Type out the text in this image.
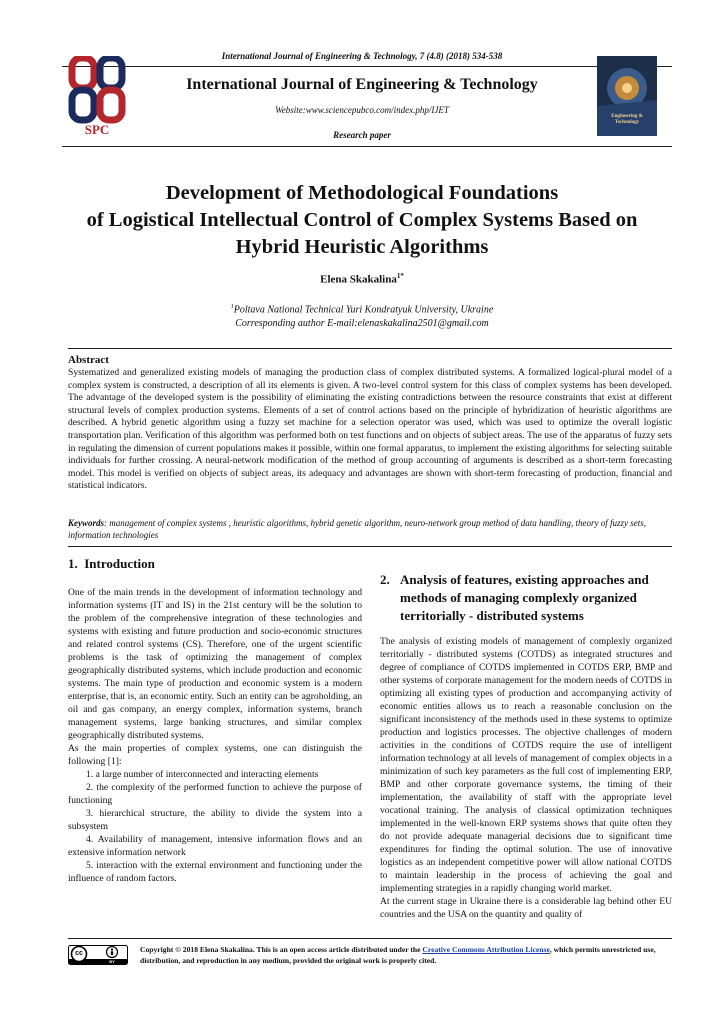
International Journal of Engineering & Technology, 7 (4.8) (2018) 534-538
SPC
International Journal of Engineering & Technology
Website:www.sciencepubco.com/index.php/IJET
Research paper
Engineering & Technology
Development of Methodological Foundations
of Logistical Intellectual Control of Complex Systems Based on
Hybrid Heuristic Algorithms
Elena Skakalina$^{1*}$
$^1$Poltava National Technical Yuri Kondratyuk University, Ukraine
Corresponding author E-mail:elenaskakalina2501@gmail.com
Abstract
Systematized and generalized existing models of managing the production class of complex distributed systems. A formalized logical-plural model of a complex system is constructed, a description of all its elements is given. A two-level control system for this class of complex systems has been developed. The advantage of the developed system is the possibility of eliminating the existing contradictions between the resource constraints that exist at different structural levels of complex production systems. Elements of a set of control actions based on the principle of hybridization of heuristic algorithms are described. A hybrid genetic algorithm using a fuzzy set machine for a selection operator was used, which was used to optimize the overall logistic transportation plan. Verification of this algorithm was performed both on test functions and on objects of subject areas. The use of the apparatus of fuzzy sets in regulating the dimension of current populations makes it possible, within one formal apparatus, to implement the existing algorithms for selecting suitable individuals for further crossing. A neural-network modification of the method of group accounting of arguments is described as a short-term forecasting model. This model is verified on objects of subject areas, its adequacy and advantages are shown with short-term forecasting of production, financial and statistical indicators.
Keywords: management of complex systems , heuristic algorithms, hybrid genetic algorithm, neuro-network group method of data handling, theory of fuzzy sets, information technologies
1. Introduction

One of the main trends in the development of information technology and information systems (IT and IS) in the 21st century will be the solution to the problem of the comprehensive integration of these technologies and systems with existing and future production and socio-economic structures and related control systems (CS). Therefore, one of the urgent scientific problems is the task of optimizing the management of complex geographically distributed systems, which include production and economic systems. The main type of production and economic system is a modern enterprise, that is, an economic entity. Such an entity can be agroholding, an oil and gas company, an energy complex, information systems, branch management systems, large banking structures, and similar complex geographically distributed systems.

As the main properties of complex systems, one can distinguish the following [1]:

1. a large number of interconnected and interacting elements

2. the complexity of the performed function to achieve the purpose of functioning

3. hierarchical structure, the ability to divide the system into a subsystem

4. Availability of management, intensive information flows and an extensive information network

5. interaction with the external environment and functioning under the influence of random factors.

2. Analysis of features, existing approaches and methods of managing complexly organized territorially - distributed systems

The analysis of existing models of management of complexly organized territorially - distributed systems (COTDS) as integrated structures and degree of compliance of COTDS implemented in COTDS ERP, BMP and other systems of corporate management for the modern needs of COTDS in optimizing all existing types of production and accompanying activity of economic entities allows us to reach a reasonable conclusion on the significant inconsistency of the methods used in these systems to optimize production and logistics processes. The objective challenges of modern activities in the conditions of COTDS require the use of intelligent information technology at all levels of management of complex objects in a minimization of such key parameters as the full cost of implementing ERP, BMP and other corporate governance systems, the timing of their implementation, the availability of staff with the appropriate level vocational training. The analysis of classical optimization techniques implemented in the well-known ERP systems shows that quite often they do not provide adequate managerial decisions due to significant time expenditures for finding the optimal solution. The use of innovative logistics as an independent competitive power will allow national COTDS to maintain leadership in the process of achieving the goal and implementing strategies in a rapidly changing world market.

At the current stage in Ukraine there is a considerable lag behind other EU countries and the USA on the quantity and quality of

cc
BY
Copyright © 2018 Elena Skakalina. This is an open access article distributed under the Creative Commons Attribution License, which permits unrestricted use, distribution, and reproduction in any medium, provided the original work is properly cited.
